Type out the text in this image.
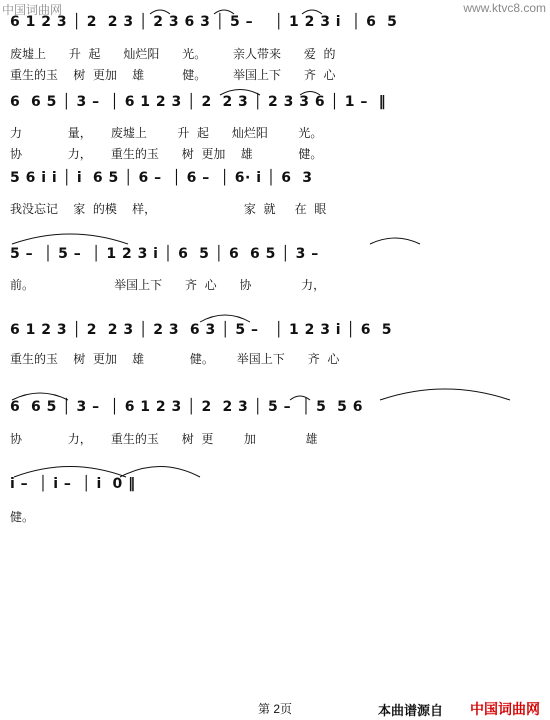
中国词曲网	www.ktvc8.com
6 1 2 3 │ 2  2 3 │ 2 3 6 3 │ 5 –    │ 1 2 3 i  │ 6  5
废墟上      升  起      灿烂阳      光。       亲人带来      爱  的
重生的玉    树  更加    雄          健。       举国上下      齐  心
6  6 5 │ 3 –  │ 6 1 2 3 │ 2  2 3 │ 2 3 3 6 │ 1 –  ‖
力            量，     废墟上        升  起      灿烂阳        光。
协            力，     重生的玉      树  更加    雄            健。
5 6 i i │ i  6 5 │ 6 –  │ 6 –  │ 6· i │ 6  3
我没忘记    家  的模    样，                       家  就     在  眼
5 –  │ 5 –  │ 1 2 3 i │ 6  5 │ 6  6 5 │ 3 –
前。                     举国上下      齐  心      协             力，
6 1 2 3 │ 2  2 3 │ 2 3  6 3 │ 5 –   │ 1 2 3 i │ 6  5
重生的玉    树  更加    雄            健。      举国上下      齐  心
6  6 5 │ 3 –  │ 6 1 2 3 │ 2  2 3 │ 5 –  │ 5  5 6
协            力，     重生的玉      树  更        加             雄
i –  │ i –  │ i  0 ‖
健。
第 2页	本曲谱源自 中国词曲网
